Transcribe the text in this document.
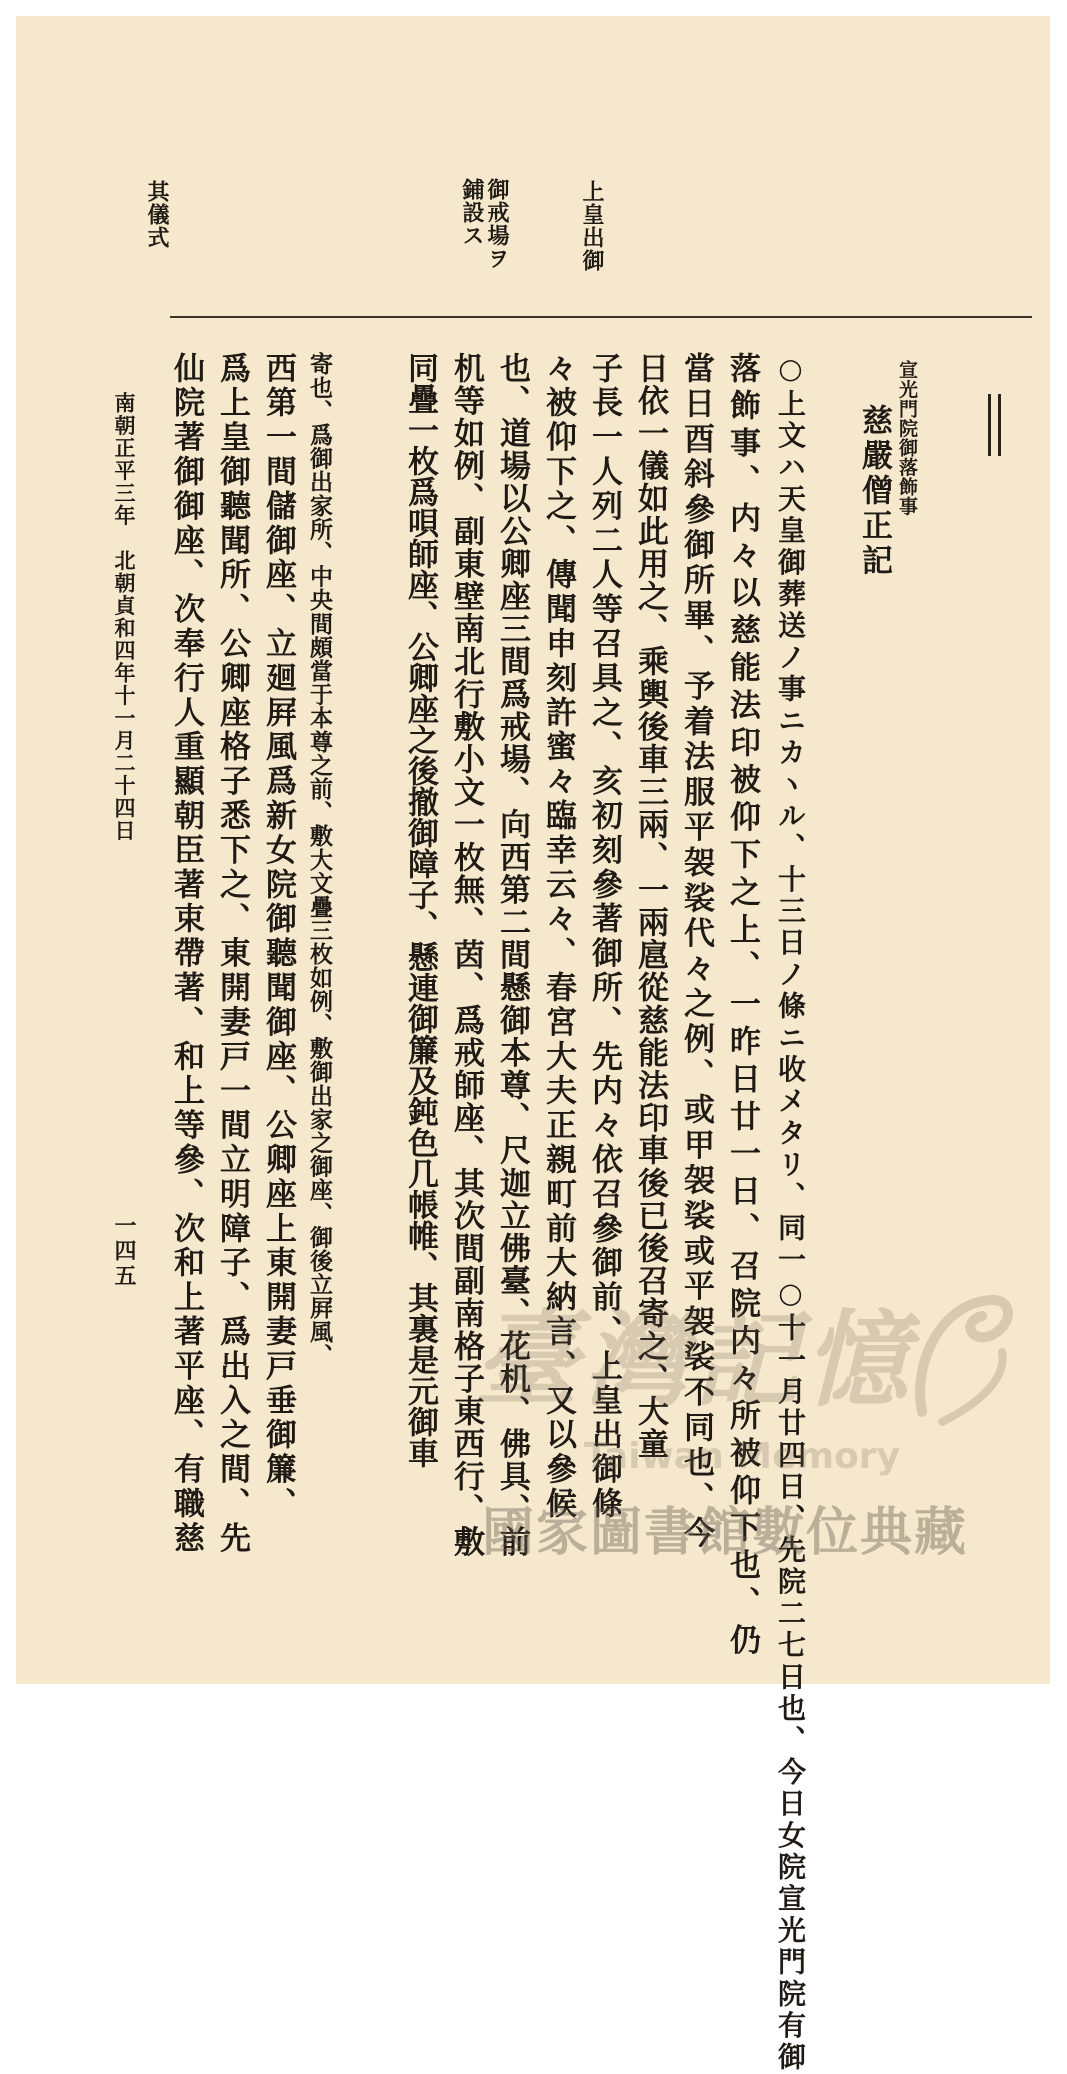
宣光門院御落飾事
慈嚴僧正記
上皇出御
御戒場ヲ
鋪設ス
其儀式
○上文ハ天皇御葬送ノ事ニカヽル、十三日ノ條ニ收メタリ、同一○十一月廿四日、先院二七日也、今日女院宣光門院有御
落飾事、内々以慈能法印被仰下之上、一昨日廿一日、召院内々所被仰下也、仍
當日酉斜參御所畢、予着法服平袈裟代々之例、或甲袈裟或平袈裟不同也、今
日依一儀如此用之、乘輿後車三兩、一兩扈從慈能法印車後已後召寄之、大童
子長一人列二人等召具之、亥初刻參著御所、先内々依召參御前、上皇出御條
々被仰下之、傳聞申刻許蜜々臨幸云々、春宮大夫正親町前大納言、又以參候
也、道場以公卿座三間爲戒場、向西第二間懸御本尊、尺迦立佛臺、花机、佛具、前
机等如例、副東壁南北行敷小文一枚無、茵、爲戒師座、其次間副南格子東西行、敷
同疊一枚爲唄師座、公卿座之後撤御障子、懸連御簾及鈍色几帳帷、其裏是元御車
寄也、爲御出家所、中央間頗當于本尊之前、敷大文疊三枚如例、敷御出家之御座、御後立屛風、
西第一間儲御座、立廻屛風爲新女院御聽聞御座、公卿座上東開妻戸垂御簾、
爲上皇御聽聞所、公卿座格子悉下之、東開妻戸一間立明障子、爲出入之間、先
仙院著御御座、次奉行人重顯朝臣著束帶著、和上等參、次和上著平座、有職慈
南朝正平三年　北朝貞和四年十一月二十四日
一四五
臺灣記憶
Taiwan Memory
國家圖書館數位典藏
